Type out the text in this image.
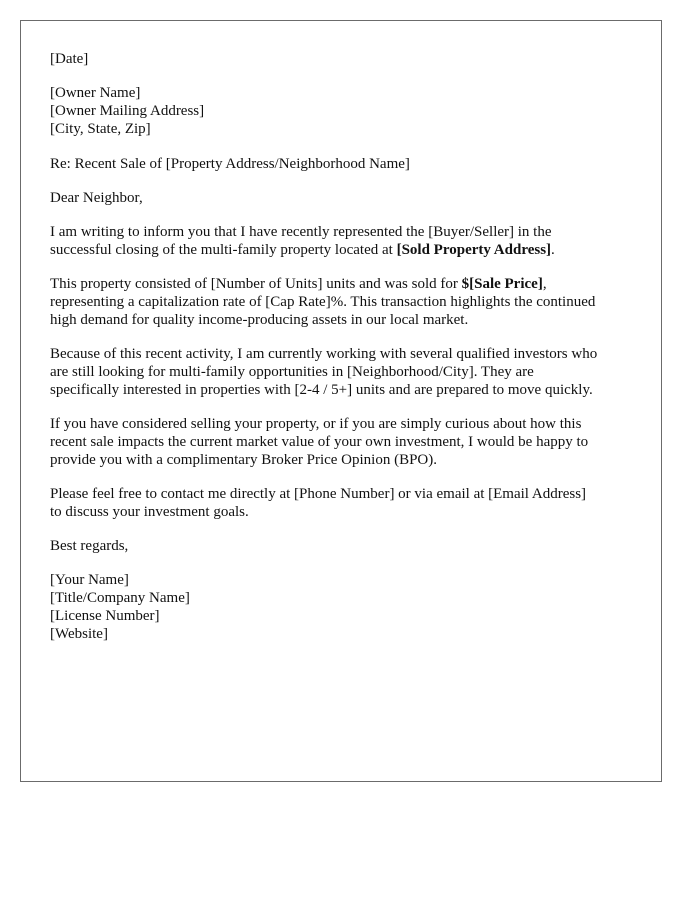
[Date]
[Owner Name]
[Owner Mailing Address]
[City, State, Zip]
Re: Recent Sale of [Property Address/Neighborhood Name]
Dear Neighbor,
I am writing to inform you that I have recently represented the [Buyer/Seller] in the
successful closing of the multi-family property located at [Sold Property Address].
This property consisted of [Number of Units] units and was sold for $[Sale Price],
representing a capitalization rate of [Cap Rate]%. This transaction highlights the continued
high demand for quality income-producing assets in our local market.
Because of this recent activity, I am currently working with several qualified investors who
are still looking for multi-family opportunities in [Neighborhood/City]. They are
specifically interested in properties with [2-4 / 5+] units and are prepared to move quickly.
If you have considered selling your property, or if you are simply curious about how this
recent sale impacts the current market value of your own investment, I would be happy to
provide you with a complimentary Broker Price Opinion (BPO).
Please feel free to contact me directly at [Phone Number] or via email at [Email Address]
to discuss your investment goals.
Best regards,
[Your Name]
[Title/Company Name]
[License Number]
[Website]
